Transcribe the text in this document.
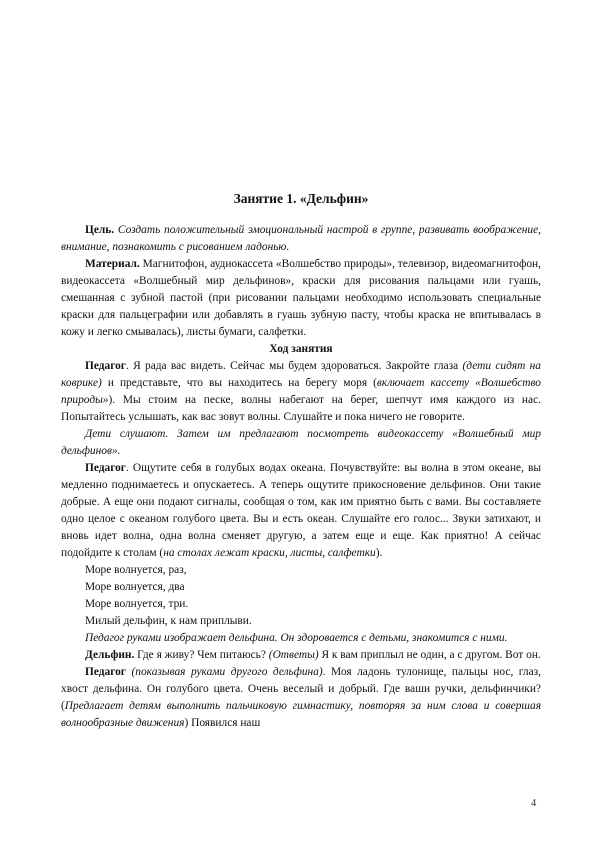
Занятие 1. «Дельфин»

Цель. Создать положительный эмоциональный настрой в группе, развивать воображение, внимание, познакомить с рисованием ладонью.

Материал. Магнитофон, аудиокассета «Волшебство природы», телевизор, видеомагнитофон, видеокассета «Волшебный мир дельфинов», краски для рисования пальцами или гуашь, смешанная с зубной пастой (при рисовании пальцами необходимо использовать специальные краски для пальцеграфии или добавлять в гуашь зубную пасту, чтобы краска не впитывалась в кожу и легко смывалась), листы бумаги, салфетки.

Ход занятия

Педагог. Я рада вас видеть. Сейчас мы будем здороваться. Закройте глаза (дети сидят на коврике) и представьте, что вы находитесь на берегу моря (включает кассету «Волшебство природы»). Мы стоим на песке, волны набегают на берег, шепчут имя каждого из нас. Попытайтесь услышать, как вас зовут волны. Слушайте и пока ничего не говорите.

Дети слушают. Затем им предлагают посмотреть видеокассету «Волшебный мир дельфинов».

Педагог. Ощутите себя в голубых водах океана. Почувствуйте: вы волна в этом океане, вы медленно поднимаетесь и опускаетесь. А теперь ощутите прикосновение дельфинов. Они такие добрые. А еще они подают сигналы, сообщая о том, как им приятно быть с вами. Вы составляете одно целое с океаном голубого цвета. Вы и есть океан. Слушайте его голос... Звуки затихают, и вновь идет волна, одна волна сменяет другую, а затем еще и еще. Как приятно! А сейчас подойдите к столам (на столах лежат краски, листы, салфетки).

Море волнуется, раз,

Море волнуется, два

Море волнуется, три.

Милый дельфин, к нам приплыви.

Педагог руками изображает дельфина. Он здоровается с детьми, знакомится с ними.

Дельфин. Где я живу? Чем питаюсь? (Ответы) Я к вам приплыл не один, а с другом. Вот он.

Педагог (показывая руками другого дельфина). Моя ладонь тулонище, пальцы нос, глаз, хвост дельфина. Он голубого цвета. Очень веселый и добрый. Где ваши ручки, дельфинчики? (Предлагает детям выполнить пальчиковую гимнастику, повторяя за ним слова и совершая волнообразные движения) Появился наш

4
